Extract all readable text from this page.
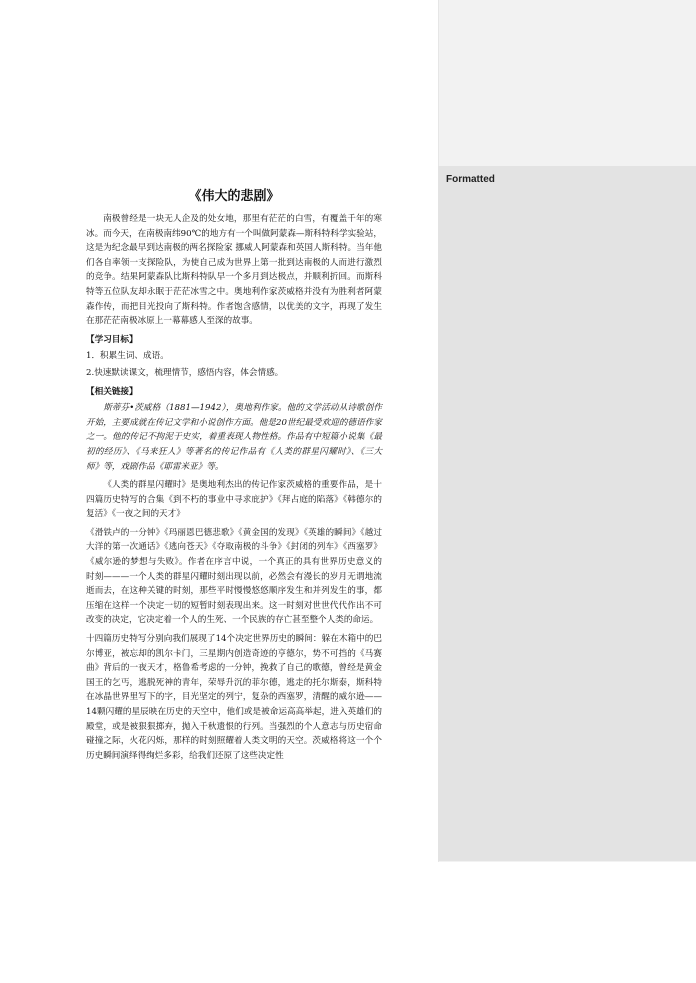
Formatted
《伟大的悲剧》

南极曾经是一块无人企及的处女地，那里有茫茫的白雪，有覆盖千年的寒冰。而今天，在南极南纬90℃的地方有一个叫做阿蒙森—斯科特科学实验站，这是为纪念最早到达南极的两名探险家 挪威人阿蒙森和英国人斯科特。当年他们各自率领一支探险队，为使自己成为世界上第一批到达南极的人而进行激烈的竞争。结果阿蒙森队比斯科特队早一个多月到达极点，并顺利折回。而斯科特等五位队友却永眠于茫茫冰雪之中。奥地利作家茨威格并没有为胜利者阿蒙森作传，而把目光投向了斯科特。作者饱含感情，以优美的文字，再现了发生在那茫茫南极冰原上一幕幕感人至深的故事。

【学习目标】

1．积累生词、成语。

2.快速默读课文，梳理情节，感悟内容，体会情感。

【相关链接】

斯蒂芬•茨威格（1881—1942），奥地利作家。他的文学活动从诗歌创作开始，主要成就在传记文学和小说创作方面。他是20世纪最受欢迎的德语作家之一。他的传记不拘泥于史实，着重表现人物性格。作品有中短篇小说集《最初的经历》、《马来狂人》等著名的传记作品有《人类的群星闪耀时》、《三大师》等，戏剧作品《耶雷米亚》等。

《人类的群星闪耀时》是奥地利杰出的传记作家茨威格的重要作品，是十四篇历史特写的合集《到不朽的事业中寻求庇护》《拜占庭的陷落》《韩德尔的复活》《一夜之间的天才》

《滑铁卢的一分钟》《玛丽恩巴德悲歌》《黄金国的发现》《英雄的瞬间》《越过大洋的第一次通话》《逃向苍天》《夺取南极的斗争》《封闭的列车》《西塞罗》《威尔逊的梦想与失败》。作者在序言中说，一个真正的具有世界历史意义的时刻———一个人类的群星闪耀时刻出现以前，必然会有漫长的岁月无谓地流逝而去，在这种关键的时刻，那些平时慢慢悠悠顺序发生和并列发生的事，都压缩在这样一个决定一切的短暂时刻表现出来。这一时刻对世世代代作出不可改变的决定，它决定着一个人的生死、一个民族的存亡甚至整个人类的命运。

十四篇历史特写分别向我们展现了14个决定世界历史的瞬间：躲在木箱中的巴尔博亚，被忘却的凯尔卡门，三星期内创造奇迹的亨德尔，势不可挡的《马赛曲》背后的一夜天才，格鲁希考虑的一分钟，挽救了自己的歌德，曾经是黄金国王的乞丐，逃脱死神的青年，荣辱升沉的菲尔德，逃走的托尔斯泰，斯科特在冰晶世界里写下的字，目光坚定的列宁，复杂的西塞罗，清醒的威尔逊——14颗闪耀的星辰映在历史的天空中，他们或是被命运高高举起，进入英雄们的殿堂，或是被狠狠掷弃，抛入千秋遗恨的行列。当强烈的个人意志与历史宿命碰撞之际，火花闪烁，那样的时刻照耀着人类文明的天空。茨威格将这一个个历史瞬间演绎得绚烂多彩，给我们还原了这些决定性
